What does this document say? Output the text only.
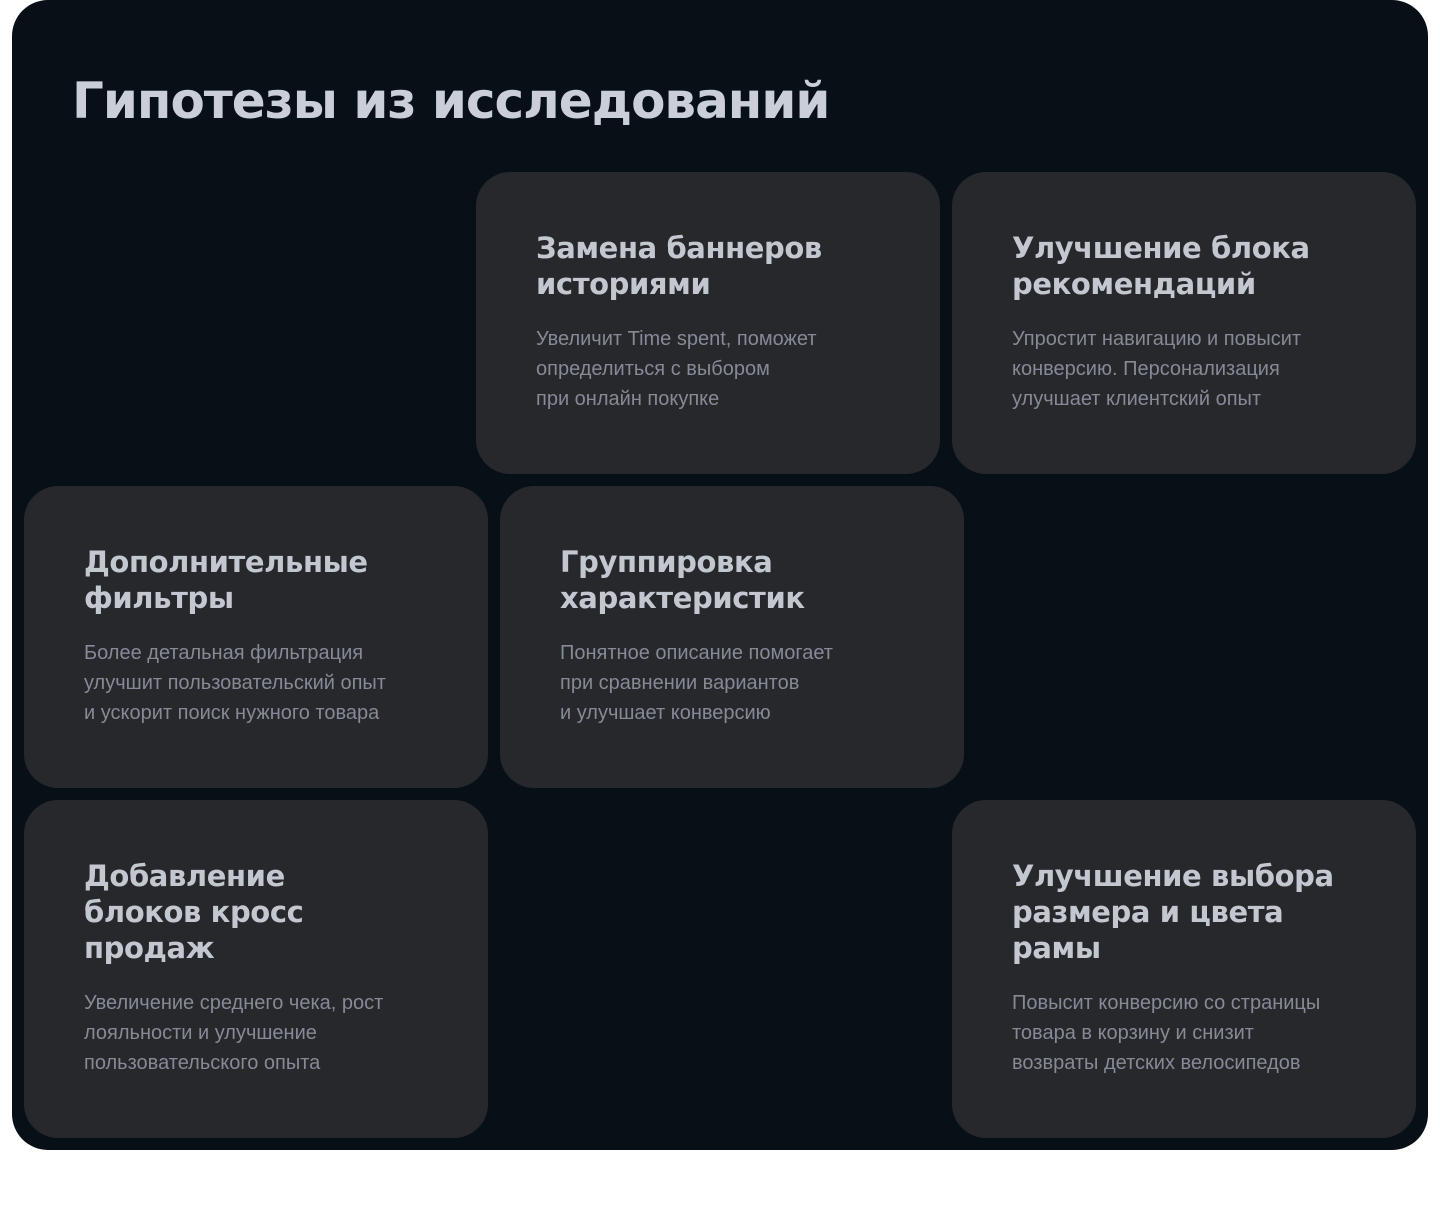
Гипотезы из исследований
Замена баннеров
историями
Увеличит Time spent, поможет
определиться с выбором
при онлайн покупке
Улучшение блока
рекомендаций
Упростит навигацию и повысит
конверсию. Персонализация
улучшает клиентский опыт
Дополнительные
фильтры
Более детальная фильтрация
улучшит пользовательский опыт
и ускорит поиск нужного товара
Группировка
характеристик
Понятное описание помогает
при сравнении вариантов
и улучшает конверсию
Добавление
блоков кросс
продаж
Увеличение среднего чека, рост
лояльности и улучшение
пользовательского опыта
Улучшение выбора
размера и цвета
рамы
Повысит конверсию со страницы
товара в корзину и снизит
возвраты детских велосипедов
